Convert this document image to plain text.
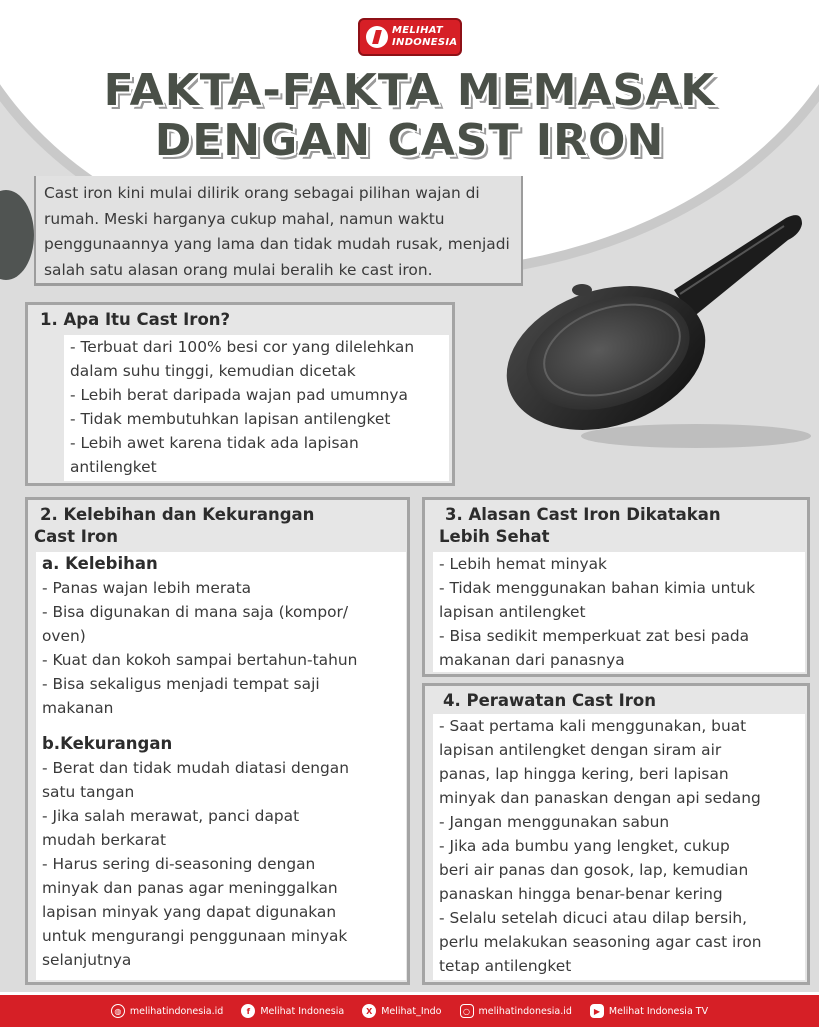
MELIHAT
INDONESIA
FAKTA-FAKTA MEMASAK
DENGAN CAST IRON
Cast iron kini mulai dilirik orang sebagai pilihan wajan di
rumah. Meski harganya cukup mahal, namun waktu
penggunaannya yang lama dan tidak mudah rusak, menjadi
salah satu alasan orang mulai beralih ke cast iron.
1. Apa Itu Cast Iron?
- Terbuat dari 100% besi cor yang dilelehkan
dalam suhu tinggi, kemudian dicetak
- Lebih berat daripada wajan pad umumnya
- Tidak membutuhkan lapisan antilengket
- Lebih awet karena tidak ada lapisan
antilengket
2. Kelebihan dan Kekurangan
Cast Iron
a. Kelebihan
- Panas wajan lebih merata
- Bisa digunakan di mana saja (kompor/
oven)
- Kuat dan kokoh sampai bertahun-tahun
- Bisa sekaligus menjadi tempat saji
makanan
b.Kekurangan
- Berat dan tidak mudah diatasi dengan
satu tangan
- Jika salah merawat, panci dapat
mudah berkarat
- Harus sering di-seasoning dengan
minyak dan panas agar meninggalkan
lapisan minyak yang dapat digunakan
untuk mengurangi penggunaan minyak
selanjutnya
3. Alasan Cast Iron Dikatakan
Lebih Sehat
- Lebih hemat minyak
- Tidak menggunakan bahan kimia untuk
lapisan antilengket
- Bisa sedikit memperkuat zat besi pada
makanan dari panasnya
4. Perawatan Cast Iron
- Saat pertama kali menggunakan, buat
lapisan antilengket dengan siram air
panas, lap hingga kering, beri lapisan
minyak dan panaskan dengan api sedang
- Jangan menggunakan sabun
- Jika ada bumbu yang lengket, cukup
beri air panas dan gosok, lap, kemudian
panaskan hingga benar-benar kering
- Selalu setelah dicuci atau dilap bersih,
perlu melakukan seasoning agar cast iron
tetap antilengket
◍ melihatindonesia.id	f	Melihat Indonesia	X Melihat_Indo	○ melihatindonesia.id	▶ Melihat Indonesia TV
